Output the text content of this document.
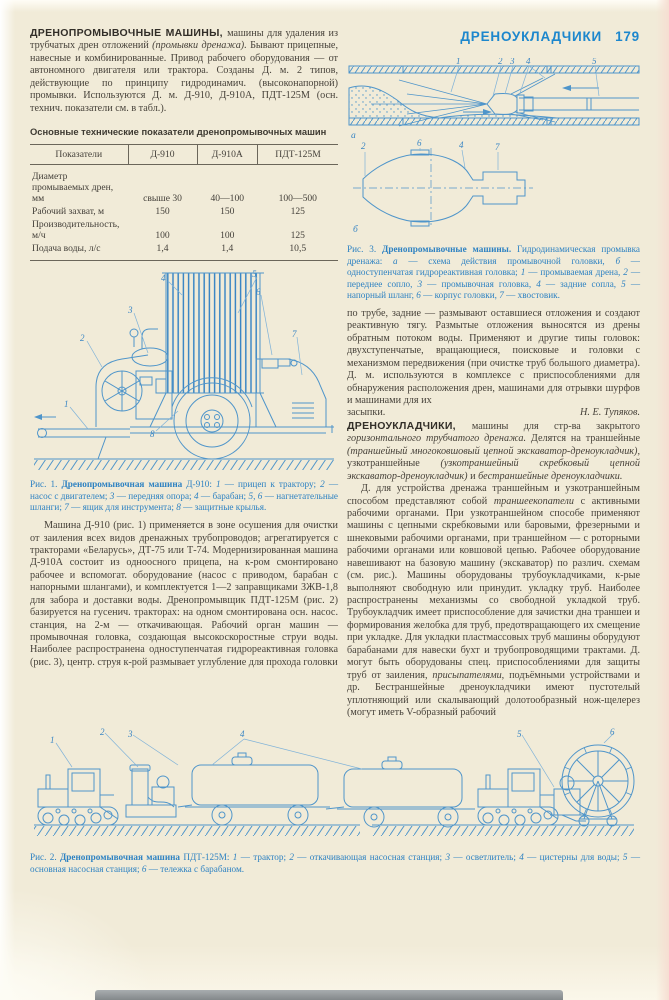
ДРЕНОПРОМЫВОЧНЫЕ МАШИНЫ, машины для удаления из трубчатых дрен отложений (промывки дренажа). Бывают прицепные, навесные и комбинированные. Привод рабочего оборудования — от автономного двигателя или трактора. Созданы Д. м. 2 типов, действующие по принципу гидродинамич. (высоконапорной) промывки. Используются Д. м. Д-910, Д-910А, ПДТ-125М (осн. технич. показатели см. в табл.).

Основные технические показатели дренопромывочных машин

Показатели	Д-910	Д-910А	ПДТ-125М
Диаметр промываемых дрен, мм	свыше 30	40—100	100—500
Рабочий захват, м	150	150	125
Производительность, м/ч	100	100	125
Подача воды, л/с	1,4	1,4	10,5
1
2
3
4	5
6
7
8

Рис. 1. Дренопромывочная машина Д-910: 1 — прицеп к трактору; 2 — насос с двигателем; 3 — передняя опора; 4 — барабан; 5, 6 — нагнетательные шланги; 7 — ящик для инструмента; 8 — защитные крылья.

Машина Д-910 (рис. 1) применяется в зоне осушения для очистки от заиления всех видов дренажных трубопроводов; агрегатируется с тракторами «Беларусь», ДТ-75 или Т-74. Модернизированная машина Д-910А состоит из одноосного прицепа, на к-ром смонтировано рабочее и вспомогат. оборудование (насос с приводом, барабан с напорными шлангами), и комплектуется 1—2 заправщиками ЗЖВ-1,8 для забора и доставки воды. Дренопромывщик ПДТ-125М (рис. 2) базируется на гусенич. тракторах: на одном смонтирована осн. насос. станция, на 2-м — откачивающая. Рабочий орган машин — промывочная головка, создающая высокоскоростные струи воды. Наиболее распространена одноступенчатая гидрореактивная головка (рис. 3), центр. струя к-рой размывает углубление для прохода головки

ДРЕНОУКЛАДЧИКИ 179
1	2 3 4	5
а
2	6	4	7
б

Рис. 3. Дренопромывочные машины. Гидродинамическая промывка дренажа: а — схема действия промывочной головки, б — одноступенчатая гидрореактивная головка; 1 — промываемая дрена, 2 — переднее сопло, 3 — промывочная головка, 4 — задние сопла, 5 — напорный шланг, 6 — корпус головки, 7 — хвостовик.

по трубе, задние — размывают оставшиеся отложения и создают реактивную тягу. Размытые отложения выносятся из дрены обратным потоком воды. Применяют и другие типы головок: двухступенчатые, вращающиеся, поисковые и головки с механизмом передвижения (при очистке труб большого диаметра). Д. м. используются в комплексе с приспособлениями для обнаружения расположения дрен, машинами для отрывки шурфов и машинами для их

засыпки.	Н. Е. Тупяков.

ДРЕНОУКЛАДЧИКИ, машины для стр-ва закрытого горизонтального трубчатого дренажа. Делятся на траншейные (траншейный многоковшовый цепной экскаватор-дреноукладчик), узкотраншейные (узкотраншейный скребковый цепной экскаватор-дреноукладчик) и бестраншейные дреноукладчики.

Д. для устройства дренажа траншейным и узкотраншейным способом представляют собой траншеекопатели с активными рабочими органами. При узкотраншейном способе применяют машины с цепными скребковыми или баровыми, фрезерными и шнековыми рабочими органами, при траншейном — с роторными рабочими органами или ковшовой цепью. Рабочее оборудование навешивают на базовую машину (экскаватор) по различ. схемам (см. рис.). Машины оборудованы трубоукладчиками, к-рые выполняют свободную или принудит. укладку труб. Наиболее распространены механизмы со свободной укладкой труб. Трубоукладчик имеет приспособление для зачистки дна траншеи и формирования желобка для труб, предотвращающего их смещение при укладке. Для укладки пластмассовых труб машины оборудуют барабанами для навески бухт и трубопроводящими трактами. Д. могут быть оборудованы спец. приспособлениями для защиты труб от заиления, присыпателями, подъёмными устройствами и др. Бестраншейные дреноукладчики имеют пустотелый уплотняющий или скалывающий долотообразный нож-щелерез (могут иметь V-образный рабочий

1
2	3	4	5	6

Рис. 2. Дренопромывочная машина ПДТ-125М: 1 — трактор; 2 — откачивающая насосная станция; 3 — осветлитель; 4 — цистерны для воды; 5 — основная насосная станция; 6 — тележка с барабаном.
